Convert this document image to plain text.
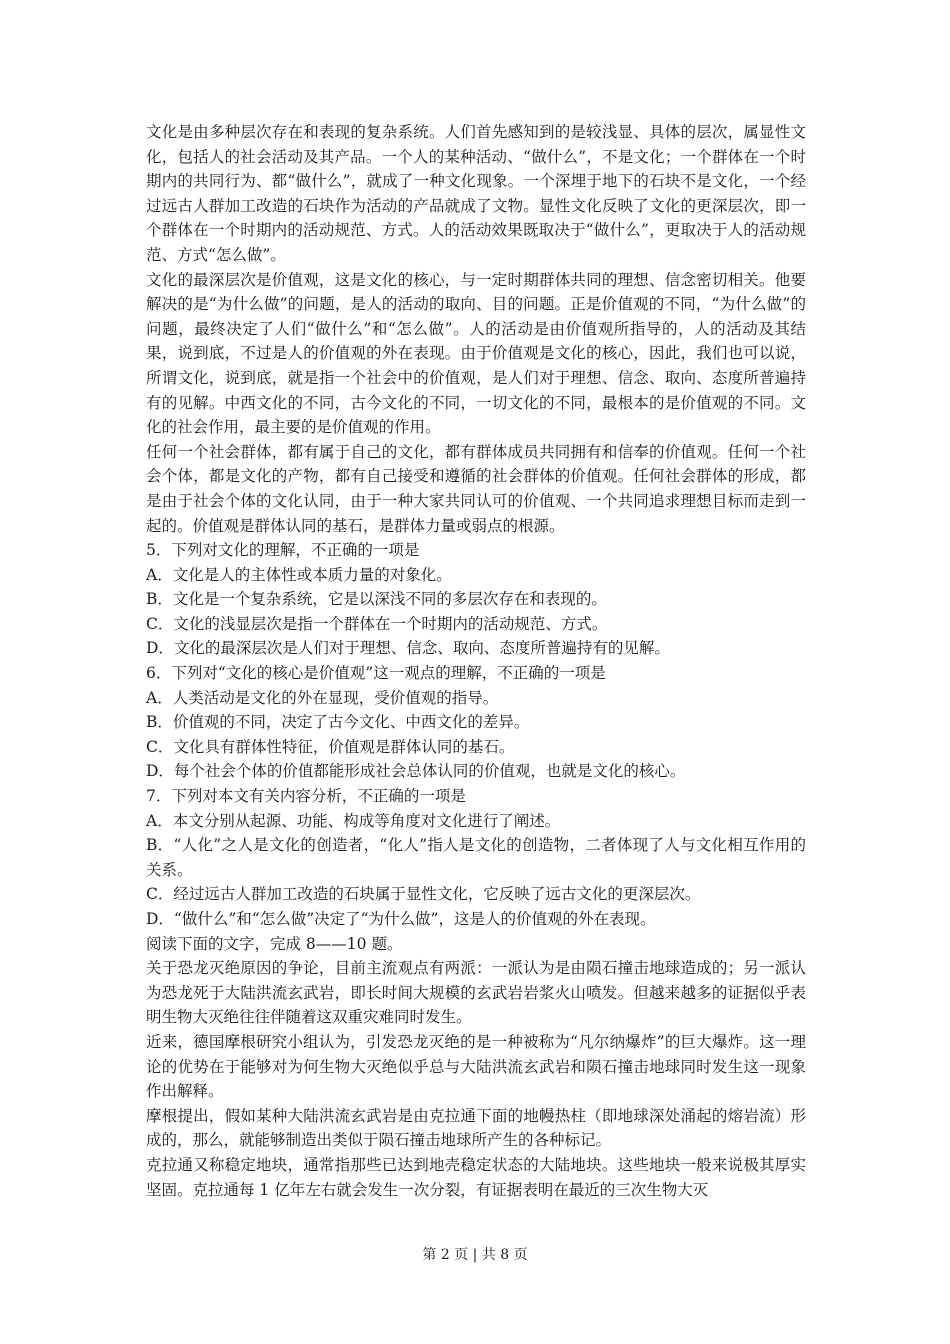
文化是由多种层次存在和表现的复杂系统。人们首先感知到的是较浅显、具体的层次，属显性文化，包括人的社会活动及其产品。一个人的某种活动、“做什么”，不是文化；一个群体在一个时期内的共同行为、都“做什么”，就成了一种文化现象。一个深埋于地下的石块不是文化，一个经过远古人群加工改造的石块作为活动的产品就成了文物。显性文化反映了文化的更深层次，即一个群体在一个时期内的活动规范、方式。人的活动效果既取决于“做什么”，更取决于人的活动规范、方式“怎么做”。

文化的最深层次是价值观，这是文化的核心，与一定时期群体共同的理想、信念密切相关。他要解决的是“为什么做”的问题，是人的活动的取向、目的问题。正是价值观的不同，“为什么做”的问题，最终决定了人们“做什么”和“怎么做”。人的活动是由价值观所指导的，人的活动及其结果，说到底，不过是人的价值观的外在表现。由于价值观是文化的核心，因此，我们也可以说，所谓文化，说到底，就是指一个社会中的价值观，是人们对于理想、信念、取向、态度所普遍持有的见解。中西文化的不同，古今文化的不同，一切文化的不同，最根本的是价值观的不同。文化的社会作用，最主要的是价值观的作用。

任何一个社会群体，都有属于自己的文化，都有群体成员共同拥有和信奉的价值观。任何一个社会个体，都是文化的产物，都有自己接受和遵循的社会群体的价值观。任何社会群体的形成，都是由于社会个体的文化认同，由于一种大家共同认可的价值观、一个共同追求理想目标而走到一起的。价值观是群体认同的基石，是群体力量或弱点的根源。

5．下列对文化的理解，不正确的一项是

A．文化是人的主体性或本质力量的对象化。

B．文化是一个复杂系统，它是以深浅不同的多层次存在和表现的。

C．文化的浅显层次是指一个群体在一个时期内的活动规范、方式。

D．文化的最深层次是人们对于理想、信念、取向、态度所普遍持有的见解。

6．下列对“文化的核心是价值观”这一观点的理解，不正确的一项是

A．人类活动是文化的外在显现，受价值观的指导。

B．价值观的不同，决定了古今文化、中西文化的差异。

C．文化具有群体性特征，价值观是群体认同的基石。

D．每个社会个体的价值都能形成社会总体认同的价值观，也就是文化的核心。

7．下列对本文有关内容分析，不正确的一项是

A．本文分别从起源、功能、构成等角度对文化进行了阐述。

B．“人化”之人是文化的创造者，“化人”指人是文化的创造物，二者体现了人与文化相互作用的关系。

C．经过远古人群加工改造的石块属于显性文化，它反映了远古文化的更深层次。

D．“做什么”和“怎么做”决定了“为什么做”，这是人的价值观的外在表现。

阅读下面的文字，完成 8——10 题。

关于恐龙灭绝原因的争论，目前主流观点有两派：一派认为是由陨石撞击地球造成的；另一派认为恐龙死于大陆洪流玄武岩，即长时间大规模的玄武岩岩浆火山喷发。但越来越多的证据似乎表明生物大灭绝往往伴随着这双重灾难同时发生。

近来，德国摩根研究小组认为，引发恐龙灭绝的是一种被称为“凡尔纳爆炸”的巨大爆炸。这一理论的优势在于能够对为何生物大灭绝似乎总与大陆洪流玄武岩和陨石撞击地球同时发生这一现象作出解释。

摩根提出，假如某种大陆洪流玄武岩是由克拉通下面的地幔热柱（即地球深处涌起的熔岩流）形成的，那么，就能够制造出类似于陨石撞击地球所产生的各种标记。

克拉通又称稳定地块，通常指那些已达到地壳稳定状态的大陆地块。这些地块一般来说极其厚实坚固。克拉通每 1 亿年左右就会发生一次分裂，有证据表明在最近的三次生物大灭

第 2 页 | 共 8 页
